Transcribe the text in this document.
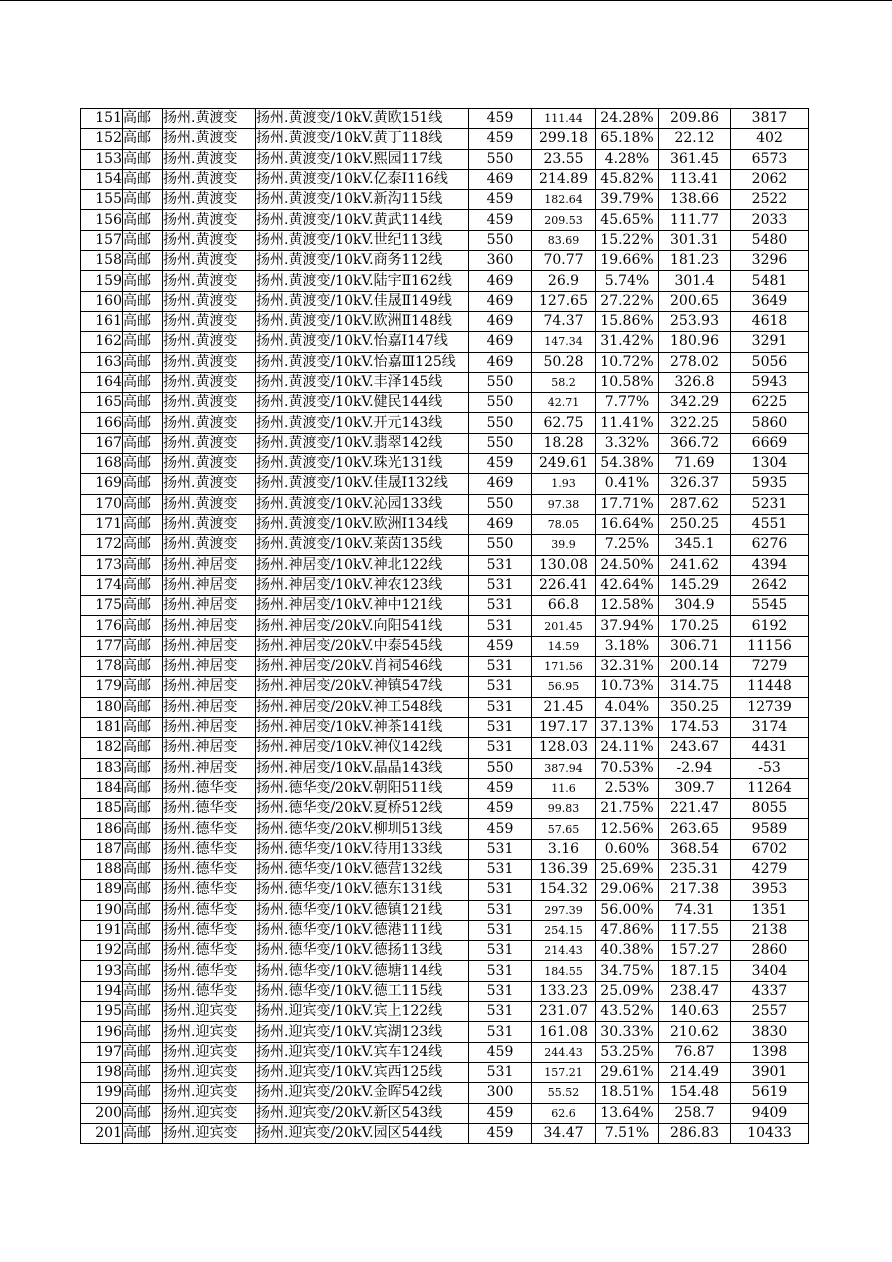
151	高邮	扬州.黄渡变	扬州.黄渡变/10kV.黄欧151线	459	111.44	24.28%	209.86	3817
152	高邮	扬州.黄渡变	扬州.黄渡变/10kV.黄丁118线	459	299.18	65.18%	22.12	402
153	高邮	扬州.黄渡变	扬州.黄渡变/10kV.熙园117线	550	23.55	4.28%	361.45	6573
154	高邮	扬州.黄渡变	扬州.黄渡变/10kV.亿泰Ⅰ116线	469	214.89	45.82%	113.41	2062
155	高邮	扬州.黄渡变	扬州.黄渡变/10kV.新沟115线	459	182.64	39.79%	138.66	2522
156	高邮	扬州.黄渡变	扬州.黄渡变/10kV.黄武114线	459	209.53	45.65%	111.77	2033
157	高邮	扬州.黄渡变	扬州.黄渡变/10kV.世纪113线	550	83.69	15.22%	301.31	5480
158	高邮	扬州.黄渡变	扬州.黄渡变/10kV.商务112线	360	70.77	19.66%	181.23	3296
159	高邮	扬州.黄渡变	扬州.黄渡变/10kV.陆宇Ⅱ162线	469	26.9	5.74%	301.4	5481
160	高邮	扬州.黄渡变	扬州.黄渡变/10kV.佳晟Ⅱ149线	469	127.65	27.22%	200.65	3649
161	高邮	扬州.黄渡变	扬州.黄渡变/10kV.欧洲Ⅱ148线	469	74.37	15.86%	253.93	4618
162	高邮	扬州.黄渡变	扬州.黄渡变/10kV.怡嘉Ⅰ147线	469	147.34	31.42%	180.96	3291
163	高邮	扬州.黄渡变	扬州.黄渡变/10kV.怡嘉Ⅲ125线	469	50.28	10.72%	278.02	5056
164	高邮	扬州.黄渡变	扬州.黄渡变/10kV.丰泽145线	550	58.2	10.58%	326.8	5943
165	高邮	扬州.黄渡变	扬州.黄渡变/10kV.健民144线	550	42.71	7.77%	342.29	6225
166	高邮	扬州.黄渡变	扬州.黄渡变/10kV.开元143线	550	62.75	11.41%	322.25	5860
167	高邮	扬州.黄渡变	扬州.黄渡变/10kV.翡翠142线	550	18.28	3.32%	366.72	6669
168	高邮	扬州.黄渡变	扬州.黄渡变/10kV.珠光131线	459	249.61	54.38%	71.69	1304
169	高邮	扬州.黄渡变	扬州.黄渡变/10kV.佳晟Ⅰ132线	469	1.93	0.41%	326.37	5935
170	高邮	扬州.黄渡变	扬州.黄渡变/10kV.沁园133线	550	97.38	17.71%	287.62	5231
171	高邮	扬州.黄渡变	扬州.黄渡变/10kV.欧洲Ⅰ134线	469	78.05	16.64%	250.25	4551
172	高邮	扬州.黄渡变	扬州.黄渡变/10kV.莱茵135线	550	39.9	7.25%	345.1	6276
173	高邮	扬州.神居变	扬州.神居变/10kV.神北122线	531	130.08	24.50%	241.62	4394
174	高邮	扬州.神居变	扬州.神居变/10kV.神农123线	531	226.41	42.64%	145.29	2642
175	高邮	扬州.神居变	扬州.神居变/10kV.神中121线	531	66.8	12.58%	304.9	5545
176	高邮	扬州.神居变	扬州.神居变/20kV.向阳541线	531	201.45	37.94%	170.25	6192
177	高邮	扬州.神居变	扬州.神居变/20kV.中泰545线	459	14.59	3.18%	306.71	11156
178	高邮	扬州.神居变	扬州.神居变/20kV.肖祠546线	531	171.56	32.31%	200.14	7279
179	高邮	扬州.神居变	扬州.神居变/20kV.神镇547线	531	56.95	10.73%	314.75	11448
180	高邮	扬州.神居变	扬州.神居变/20kV.神工548线	531	21.45	4.04%	350.25	12739
181	高邮	扬州.神居变	扬州.神居变/10kV.神茶141线	531	197.17	37.13%	174.53	3174
182	高邮	扬州.神居变	扬州.神居变/10kV.神仪142线	531	128.03	24.11%	243.67	4431
183	高邮	扬州.神居变	扬州.神居变/10kV.晶晶143线	550	387.94	70.53%	-2.94	-53
184	高邮	扬州.德华变	扬州.德华变/20kV.朝阳511线	459	11.6	2.53%	309.7	11264
185	高邮	扬州.德华变	扬州.德华变/20kV.夏桥512线	459	99.83	21.75%	221.47	8055
186	高邮	扬州.德华变	扬州.德华变/20kV.柳圳513线	459	57.65	12.56%	263.65	9589
187	高邮	扬州.德华变	扬州.德华变/10kV.待用133线	531	3.16	0.60%	368.54	6702
188	高邮	扬州.德华变	扬州.德华变/10kV.德营132线	531	136.39	25.69%	235.31	4279
189	高邮	扬州.德华变	扬州.德华变/10kV.德东131线	531	154.32	29.06%	217.38	3953
190	高邮	扬州.德华变	扬州.德华变/10kV.德镇121线	531	297.39	56.00%	74.31	1351
191	高邮	扬州.德华变	扬州.德华变/10kV.德港111线	531	254.15	47.86%	117.55	2138
192	高邮	扬州.德华变	扬州.德华变/10kV.德扬113线	531	214.43	40.38%	157.27	2860
193	高邮	扬州.德华变	扬州.德华变/10kV.德塘114线	531	184.55	34.75%	187.15	3404
194	高邮	扬州.德华变	扬州.德华变/10kV.德工115线	531	133.23	25.09%	238.47	4337
195	高邮	扬州.迎宾变	扬州.迎宾变/10kV.宾上122线	531	231.07	43.52%	140.63	2557
196	高邮	扬州.迎宾变	扬州.迎宾变/10kV.宾湖123线	531	161.08	30.33%	210.62	3830
197	高邮	扬州.迎宾变	扬州.迎宾变/10kV.宾车124线	459	244.43	53.25%	76.87	1398
198	高邮	扬州.迎宾变	扬州.迎宾变/10kV.宾西125线	531	157.21	29.61%	214.49	3901
199	高邮	扬州.迎宾变	扬州.迎宾变/20kV.金晖542线	300	55.52	18.51%	154.48	5619
200	高邮	扬州.迎宾变	扬州.迎宾变/20kV.新区543线	459	62.6	13.64%	258.7	9409
201	高邮	扬州.迎宾变	扬州.迎宾变/20kV.园区544线	459	34.47	7.51%	286.83	10433
